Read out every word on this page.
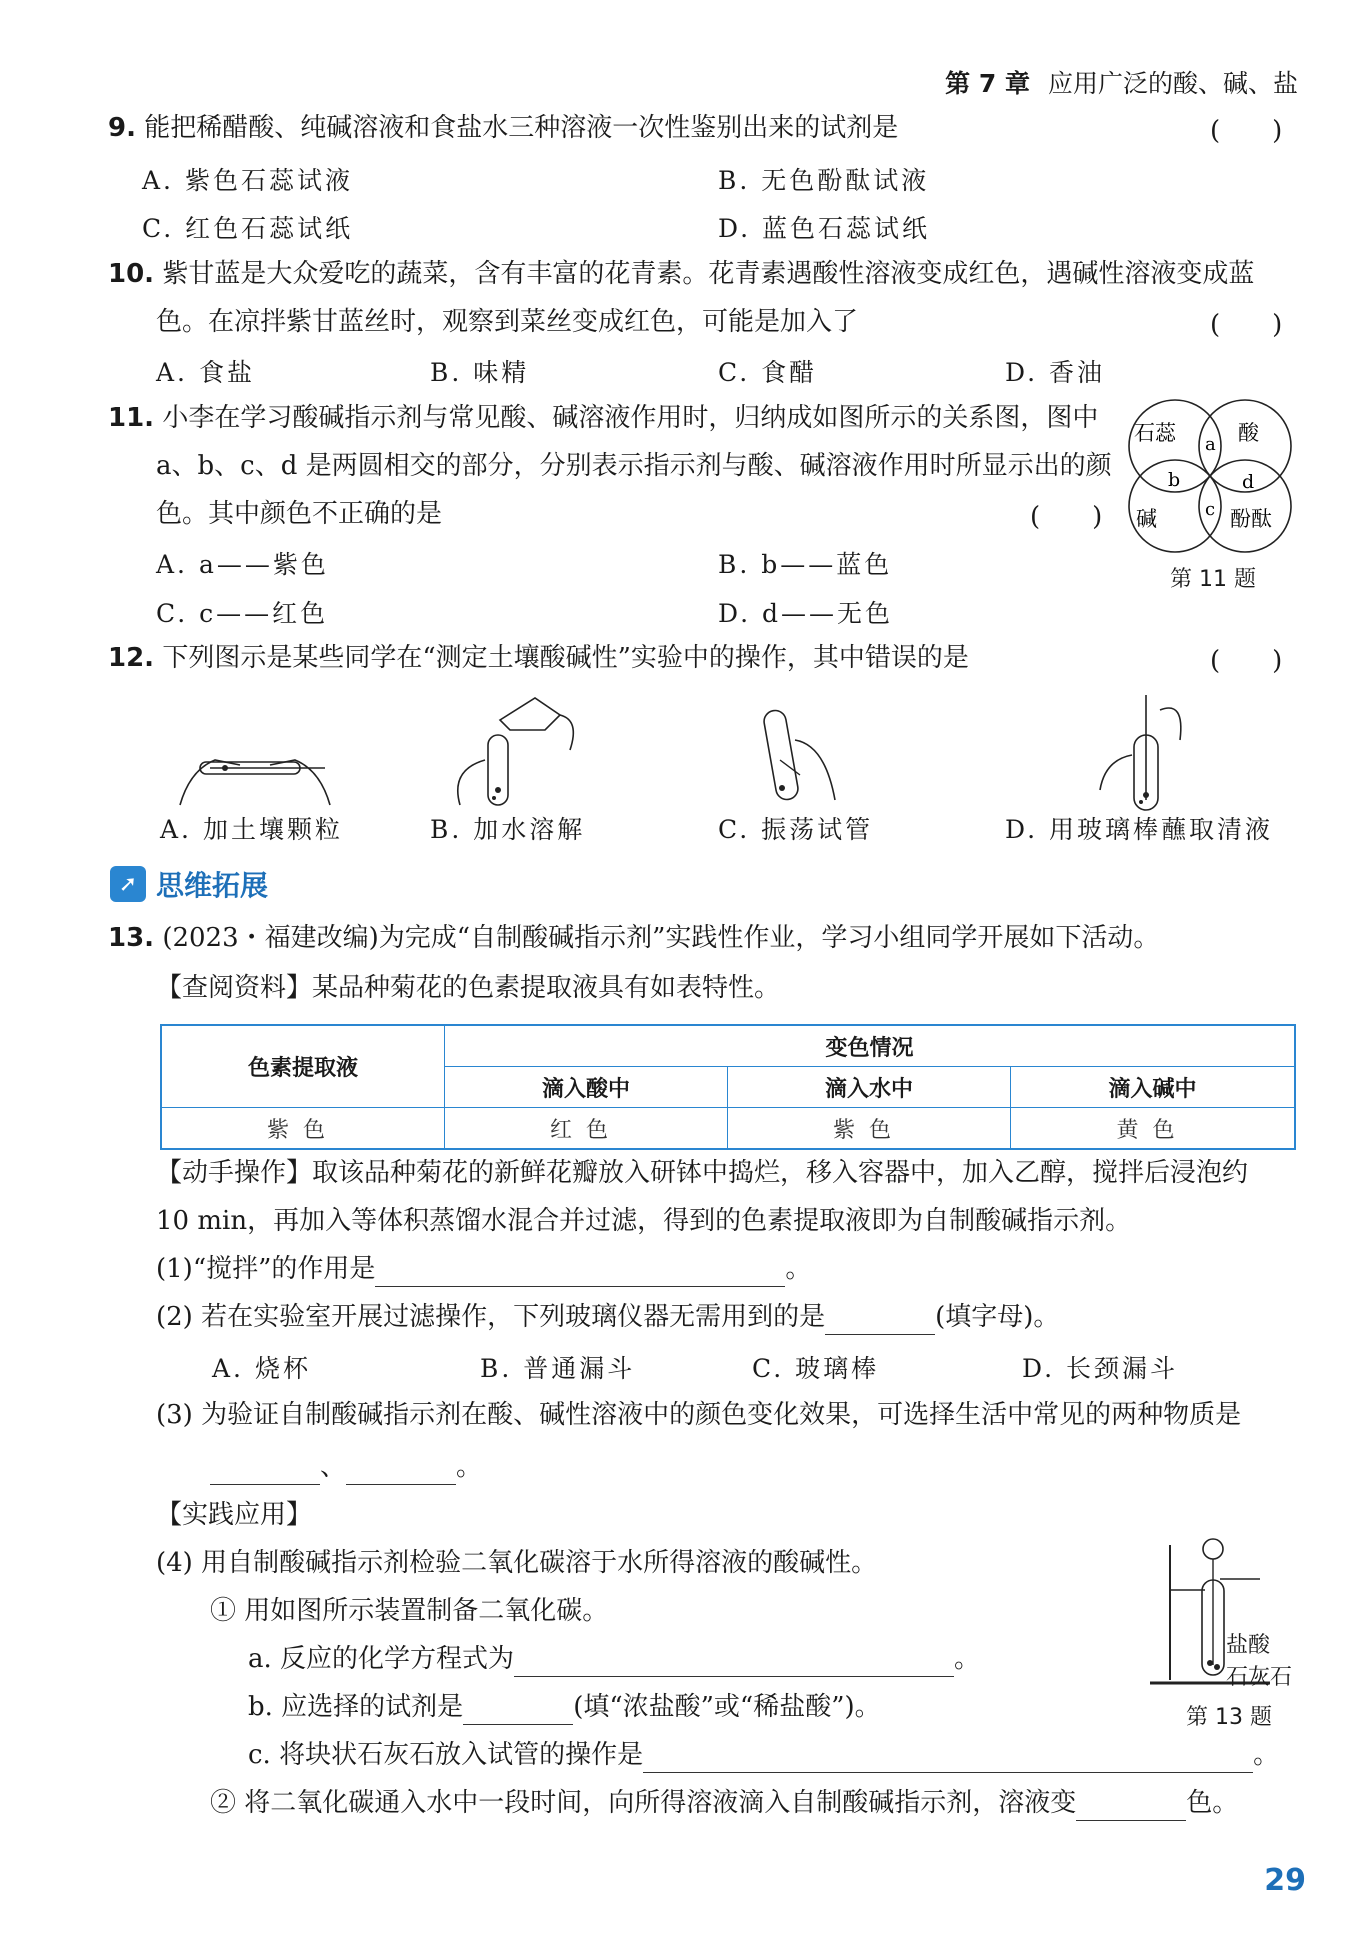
第 7 章 应用广泛的酸、碱、盐
9. 能把稀醋酸、纯碱溶液和食盐水三种溶液一次性鉴别出来的试剂是	(　　)
A. 紫色石蕊试液	B. 无色酚酞试液
C. 红色石蕊试纸	D. 蓝色石蕊试纸
10. 紫甘蓝是大众爱吃的蔬菜，含有丰富的花青素。花青素遇酸性溶液变成红色，遇碱性溶液变成蓝
色。在凉拌紫甘蓝丝时，观察到菜丝变成红色，可能是加入了	(　　)
A. 食盐	B. 味精	C. 食醋	D. 香油
11. 小李在学习酸碱指示剂与常见酸、碱溶液作用时，归纳成如图所示的关系图，图中
a、b、c、d 是两圆相交的部分，分别表示指示剂与酸、碱溶液作用时所显示出的颜
色。其中颜色不正确的是	(　　)
A. a——紫色	B. b——蓝色
C. c——红色	D. d——无色
石蕊	酸
碱	酚酞
a
b
c
d
第 11 题
12. 下列图示是某些同学在“测定土壤酸碱性”实验中的操作，其中错误的是	(　　)
A. 加土壤颗粒	B. 加水溶解	C. 振荡试管	D. 用玻璃棒蘸取清液
➚ 思维拓展
13. (2023・福建改编)为完成“自制酸碱指示剂”实践性作业，学习小组同学开展如下活动。
【查阅资料】某品种菊花的色素提取液具有如表特性。
色素提取液	变色情况		
	滴入酸中	滴入水中	滴入碱中
紫色	红色	紫色	黄色
【动手操作】取该品种菊花的新鲜花瓣放入研钵中捣烂，移入容器中，加入乙醇，搅拌后浸泡约
10 min，再加入等体积蒸馏水混合并过滤，得到的色素提取液即为自制酸碱指示剂。
(1)“搅拌”的作用是	。
(2) 若在实验室开展过滤操作，下列玻璃仪器无需用到的是	(填字母)。
A. 烧杯	B. 普通漏斗	C. 玻璃棒	D. 长颈漏斗
(3) 为验证自制酸碱指示剂在酸、碱性溶液中的颜色变化效果，可选择生活中常见的两种物质是
、	。
【实践应用】
(4) 用自制酸碱指示剂检验二氧化碳溶于水所得溶液的酸碱性。
① 用如图所示装置制备二氧化碳。
a. 反应的化学方程式为	。
b. 应选择的试剂是	(填“浓盐酸”或“稀盐酸”)。
c. 将块状石灰石放入试管的操作是	。
② 将二氧化碳通入水中一段时间，向所得溶液滴入自制酸碱指示剂，溶液变	色。
盐酸
石灰石
第 13 题
29
